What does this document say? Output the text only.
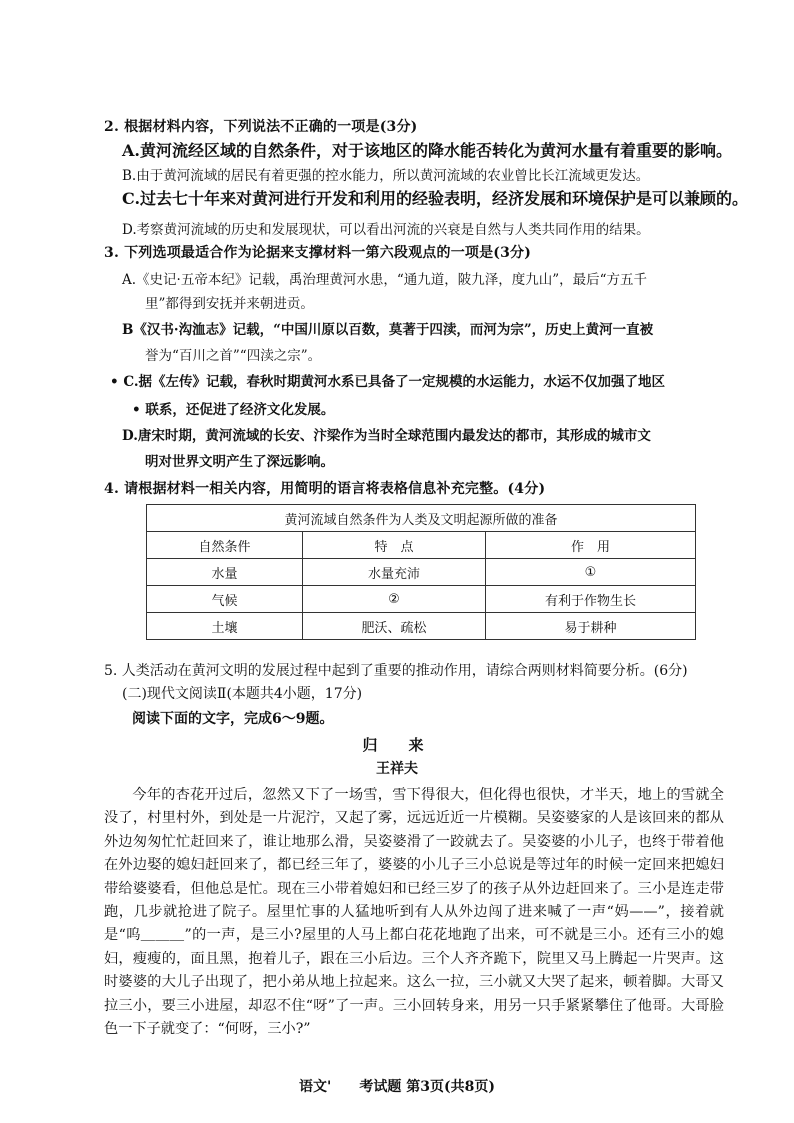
2. 根据材料内容，下列说法不正确的一项是(3分)
A.黄河流经区域的自然条件，对于该地区的降水能否转化为黄河水量有着重要的影响。
B.由于黄河流域的居民有着更强的控水能力，所以黄河流域的农业曾比长江流域更发达。
C.过去七十年来对黄河进行开发和利用的经验表明，经济发展和环境保护是可以兼顾的。
D.考察黄河流域的历史和发展现状，可以看出河流的兴衰是自然与人类共同作用的结果。
3. 下列选项最适合作为论据来支撑材料一第六段观点的一项是(3分)
A.《史记·五帝本纪》记载，禹治理黄河水患，“通九道，陂九泽，度九山”，最后“方五千
里”都得到安抚并来朝进贡。
B《汉书·沟洫志》记载，“中国川原以百数，莫著于四渎，而河为宗”，历史上黄河一直被
誉为“百川之首”“四渎之宗”。
• C.据《左传》记载，春秋时期黄河水系已具备了一定规模的水运能力，水运不仅加强了地区
• 联系，还促进了经济文化发展。
D.唐宋时期，黄河流域的长安、汴梁作为当时全球范围内最发达的都市，其形成的城市文
明对世界文明产生了深远影响。
4. 请根据材料一相关内容，用简明的语言将表格信息补充完整。(4分)
黄河流域自然条件为人类及文明起源所做的准备		
自然条件	特　点	作　用
水量	水量充沛	①
气候	②	有利于作物生长
土壤	肥沃、疏松	易于耕种
5. 人类活动在黄河文明的发展过程中起到了重要的推动作用，请综合两则材料简要分析。(6分)
(二)现代文阅读Ⅱ(本题共4小题，17分)
阅读下面的文字，完成6～9题。
归　来
王祥夫

今年的杏花开过后，忽然又下了一场雪，雪下得很大，但化得也很快，才半天，地上的雪就全没了，村里村外，到处是一片泥泞，又起了雾，远远近近一片模糊。吴姿婆家的人是该回来的都从外边匆匆忙忙赶回来了，谁让地那么滑，吴姿婆滑了一跤就去了。吴姿婆的小儿子，也终于带着他在外边娶的媳妇赶回来了，都已经三年了，婆婆的小儿子三小总说是等过年的时候一定回来把媳妇带给婆婆看，但他总是忙。现在三小带着媳妇和已经三岁了的孩子从外边赶回来了。三小是连走带跑，几步就抢进了院子。屋里忙事的人猛地听到有人从外边闯了进来喊了一声“妈——”，接着就是“呜＿＿＿”的一声，是三小?屋里的人马上都白花花地跑了出来，可不就是三小。还有三小的媳妇，瘦瘦的，面且黑，抱着儿子，跟在三小后边。三个人齐齐跪下，院里又马上腾起一片哭声。这时婆婆的大儿子出现了，把小弟从地上拉起来。这么一拉，三小就又大哭了起来，顿着脚。大哥又拉三小，要三小进屋，却忍不住“呀”了一声。三小回转身来，用另一只手紧紧攀住了他哥。大哥脸色一下子就变了：“何呀，三小?”

语文'　　考试题 第3页(共8页)
